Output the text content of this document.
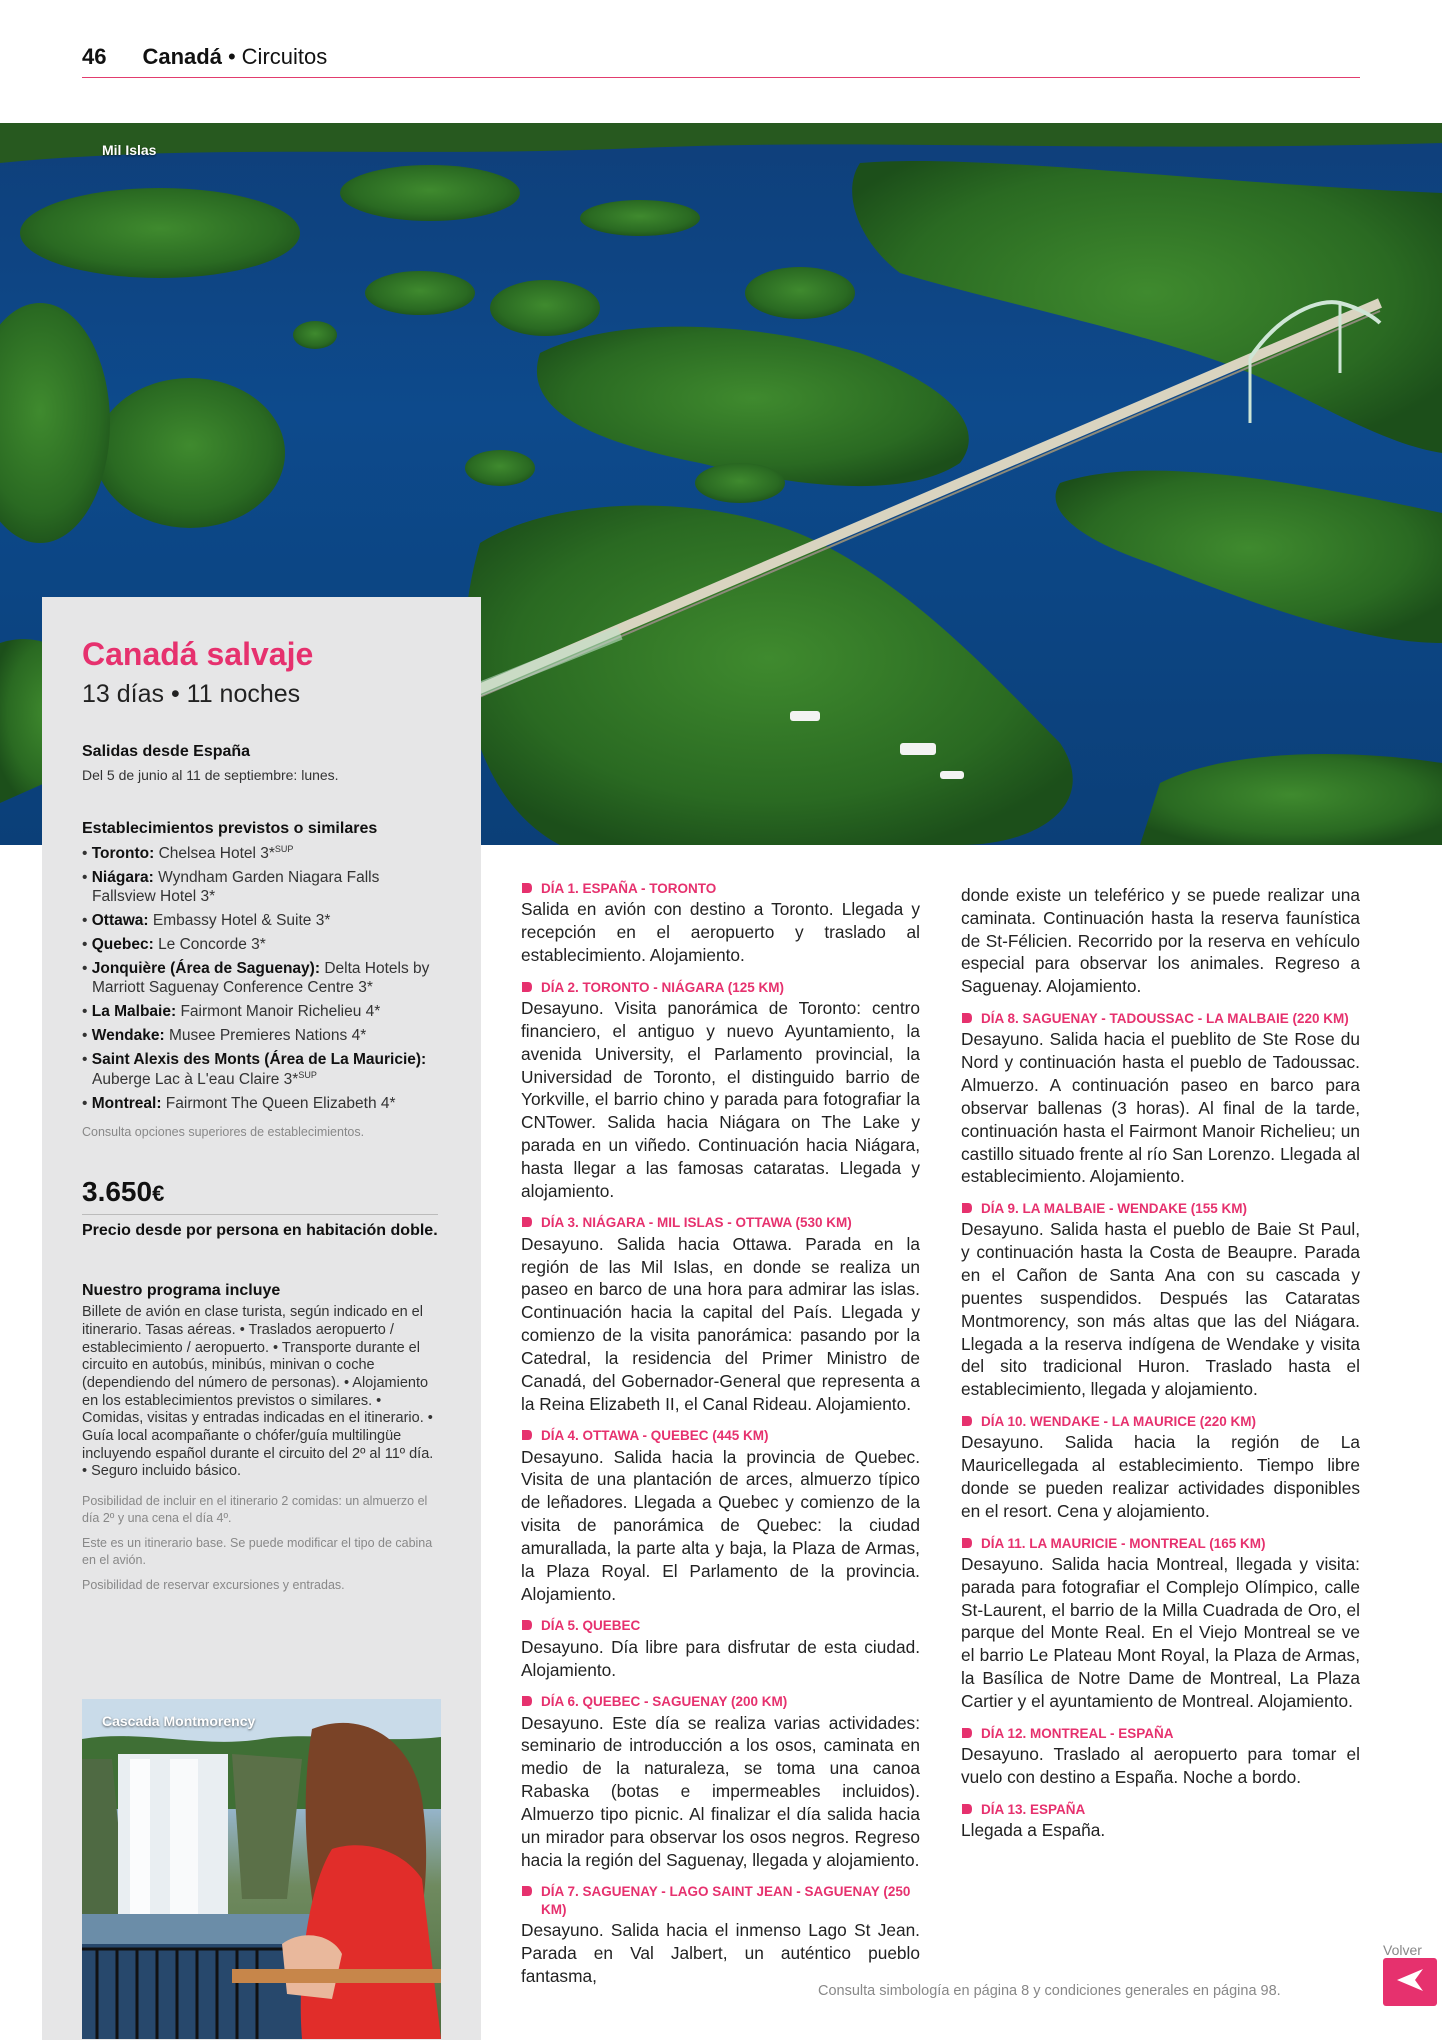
46 Canadá • Circuitos
Mil Islas
Canadá salvaje
13 días • 11 noches
Salidas desde España
Del 5 de junio al 11 de septiembre: lunes.
Establecimientos previstos o similares
• Toronto: Chelsea Hotel 3*$^{SUP}$
• Niágara: Wyndham Garden Niagara Falls Fallsview Hotel 3*
• Ottawa: Embassy Hotel & Suite 3*
• Quebec: Le Concorde 3*
• Jonquière (Área de Saguenay): Delta Hotels by Marriott Saguenay Conference Centre 3*
• La Malbaie: Fairmont Manoir Richelieu 4*
• Wendake: Musee Premieres Nations 4*
• Saint Alexis des Monts (Área de La Mauricie): Auberge Lac à L'eau Claire 3*$^{SUP}$
• Montreal: Fairmont The Queen Elizabeth 4*
Consulta opciones superiores de establecimientos.
3.650€
Precio desde por persona en habitación doble.
Nuestro programa incluye
Billete de avión en clase turista, según indicado en el itinerario. Tasas aéreas. • Traslados aeropuerto / establecimiento / aeropuerto. • Transporte durante el circuito en autobús, minibús, minivan o coche (dependiendo del número de personas). • Alojamiento en los establecimientos previstos o similares. • Comidas, visitas y entradas indicadas en el itinerario. • Guía local acompañante o chófer/guía multilingüe incluyendo español durante el circuito del 2º al 11º día. • Seguro incluido básico.
Posibilidad de incluir en el itinerario 2 comidas: un almuerzo el día 2º y una cena el día 4º.
Este es un itinerario base. Se puede modificar el tipo de cabina en el avión.
Posibilidad de reservar excursiones y entradas.
Cascada Montmorency
DÍA 1. ESPAÑA - TORONTO
Salida en avión con destino a Toronto. Llegada y recepción en el aeropuerto y traslado al establecimiento. Alojamiento.
DÍA 2. TORONTO - NIÁGARA (125 KM)
Desayuno. Visita panorámica de Toronto: centro financiero, el antiguo y nuevo Ayuntamiento, la avenida University, el Parlamento provincial, la Universidad de Toronto, el distinguido barrio de Yorkville, el barrio chino y parada para fotografiar la CNTower. Salida hacia Niágara on The Lake y parada en un viñedo. Continuación hacia Niágara, hasta llegar a las famosas cataratas. Llegada y alojamiento.
DÍA 3. NIÁGARA - MIL ISLAS - OTTAWA (530 KM)
Desayuno. Salida hacia Ottawa. Parada en la región de las Mil Islas, en donde se realiza un paseo en barco de una hora para admirar las islas. Continuación hacia la capital del País. Llegada y comienzo de la visita panorámica: pasando por la Catedral, la residencia del Primer Ministro de Canadá, del Gobernador-General que representa a la Reina Elizabeth II, el Canal Rideau. Alojamiento.
DÍA 4. OTTAWA - QUEBEC (445 KM)
Desayuno. Salida hacia la provincia de Quebec. Visita de una plantación de arces, almuerzo típico de leñadores. Llegada a Quebec y comienzo de la visita de panorámica de Quebec: la ciudad amurallada, la parte alta y baja, la Plaza de Armas, la Plaza Royal. El Parlamento de la provincia. Alojamiento.
DÍA 5. QUEBEC
Desayuno. Día libre para disfrutar de esta ciudad. Alojamiento.
DÍA 6. QUEBEC - SAGUENAY (200 KM)
Desayuno. Este día se realiza varias actividades: seminario de introducción a los osos, caminata en medio de la naturaleza, se toma una canoa Rabaska (botas e impermeables incluidos). Almuerzo tipo picnic. Al finalizar el día salida hacia un mirador para observar los osos negros. Regreso hacia la región del Saguenay, llegada y alojamiento.
DÍA 7. SAGUENAY - LAGO SAINT JEAN - SAGUENAY (250 KM)
Desayuno. Salida hacia el inmenso Lago St Jean. Parada en Val Jalbert, un auténtico pueblo fantasma,
donde existe un teleférico y se puede realizar una caminata. Continuación hasta la reserva faunística de St-Félicien. Recorrido por la reserva en vehículo especial para observar los animales. Regreso a Saguenay. Alojamiento.
DÍA 8. SAGUENAY - TADOUSSAC - LA MALBAIE (220 KM)
Desayuno. Salida hacia el pueblito de Ste Rose du Nord y continuación hasta el pueblo de Tadoussac. Almuerzo. A continuación paseo en barco para observar ballenas (3 horas). Al final de la tarde, continuación hasta el Fairmont Manoir Richelieu; un castillo situado frente al río San Lorenzo. Llegada al establecimiento. Alojamiento.
DÍA 9. LA MALBAIE - WENDAKE (155 KM)
Desayuno. Salida hasta el pueblo de Baie St Paul, y continuación hasta la Costa de Beaupre. Parada en el Cañon de Santa Ana con su cascada y puentes suspendidos. Después las Cataratas Montmorency, son más altas que las del Niágara. Llegada a la reserva indígena de Wendake y visita del sito tradicional Huron. Traslado hasta el establecimiento, llegada y alojamiento.
DÍA 10. WENDAKE - LA MAURICE (220 KM)
Desayuno. Salida hacia la región de La Mauricellegada al establecimiento. Tiempo libre donde se pueden realizar actividades disponibles en el resort. Cena y alojamiento.
DÍA 11. LA MAURICIE - MONTREAL (165 KM)
Desayuno. Salida hacia Montreal, llegada y visita: parada para fotografiar el Complejo Olímpico, calle St-Laurent, el barrio de la Milla Cuadrada de Oro, el parque del Monte Real. En el Viejo Montreal se ve el barrio Le Plateau Mont Royal, la Plaza de Armas, la Basílica de Notre Dame de Montreal, La Plaza Cartier y el ayuntamiento de Montreal. Alojamiento.
DÍA 12. MONTREAL - ESPAÑA
Desayuno. Traslado al aeropuerto para tomar el vuelo con destino a España. Noche a bordo.
DÍA 13. ESPAÑA
Llegada a España.
Consulta simbología en página 8 y condiciones generales en página 98.
Volver
